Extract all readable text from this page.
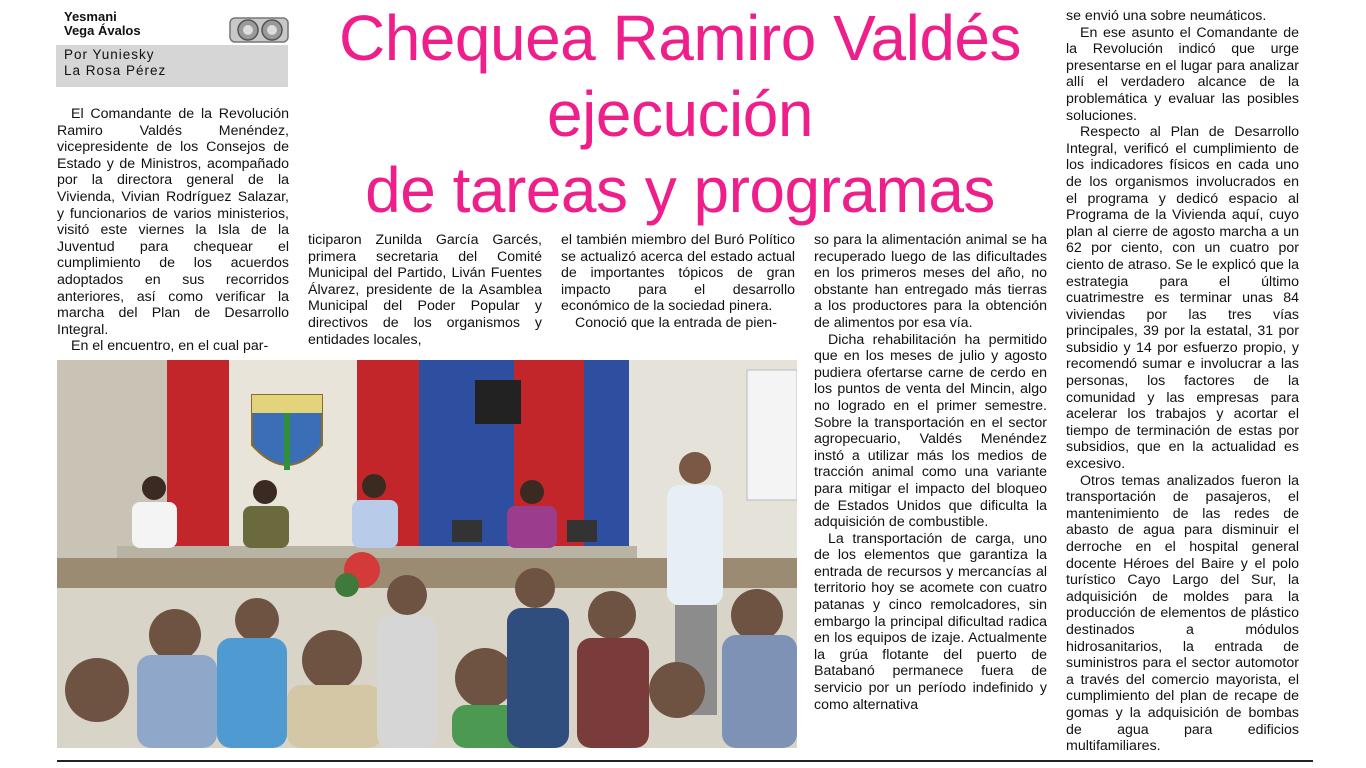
Yesmani
Vega Ávalos
Por Yuniesky
La Rosa Pérez	Chequea Ramiro Valdés
ejecución
de tareas y programas

El Comandante de la Revolución Ramiro Valdés Menéndez, vicepresidente de los Consejos de Estado y de Ministros, acompañado por la directora general de la Vivienda, Vivian Rodríguez Salazar, y funcionarios de varios ministerios, visitó este viernes la Isla de la Juventud para chequear el cumplimiento de los acuerdos adoptados en sus recorridos anteriores, así como verificar la marcha del Plan de Desarrollo Integral.

En el encuentro, en el cual par-

ticiparon Zunilda García Garcés, primera secretaria del Comité Municipal del Partido, Liván Fuentes Álvarez, presidente de la Asamblea Municipal del Poder Popular y directivos de los organismos y entidades locales,

el también miembro del Buró Político se actualizó acerca del estado actual de importantes tópicos de gran impacto para el desarrollo económico de la sociedad pinera.

Conoció que la entrada de pien-

so para la alimentación animal se ha recuperado luego de las dificultades en los primeros meses del año, no obstante han entregado más tierras a los productores para la obtención de alimentos por esa vía.

Dicha rehabilitación ha permitido que en los meses de julio y agosto pudiera ofertarse carne de cerdo en los puntos de venta del Mincin, algo no logrado en el primer semestre. Sobre la transportación en el sector agropecuario, Valdés Menéndez instó a utilizar más los medios de tracción animal como una variante para mitigar el impacto del bloqueo de Estados Unidos que dificulta la adquisición de combustible.

La transportación de carga, uno de los elementos que garantiza la entrada de recursos y mercancías al territorio hoy se acomete con cuatro patanas y cinco remolcadores, sin embargo la principal dificultad radica en los equipos de izaje. Actualmente la grúa flotante del puerto de Batabanó permanece fuera de servicio por un período indefinido y como alternativa

se envió una sobre neumáticos.

En ese asunto el Comandante de la Revolución indicó que urge presentarse en el lugar para analizar allí el verdadero alcance de la problemática y evaluar las posibles soluciones.

Respecto al Plan de Desarrollo Integral, verificó el cumplimiento de los indicadores físicos en cada uno de los organismos involucrados en el programa y dedicó espacio al Programa de la Vivienda aquí, cuyo plan al cierre de agosto marcha a un 62 por ciento, con un cuatro por ciento de atraso. Se le explicó que la estrategia para el último cuatrimestre es terminar unas 84 viviendas por las tres vías principales, 39 por la estatal, 31 por subsidio y 14 por esfuerzo propio, y recomendó sumar e involucrar a las personas, los factores de la comunidad y las empresas para acelerar los trabajos y acortar el tiempo de terminación de estas por subsidios, que en la actualidad es excesivo.

Otros temas analizados fueron la transportación de pasajeros, el mantenimiento de las redes de abasto de agua para disminuir el derroche en el hospital general docente Héroes del Baire y el polo turístico Cayo Largo del Sur, la adquisición de moldes para la producción de elementos de plástico destinados a módulos hidrosanitarios, la entrada de suministros para el sector automotor a través del comercio mayorista, el cumplimiento del plan de recape de gomas y la adquisición de bombas de agua para edificios multifamiliares.
